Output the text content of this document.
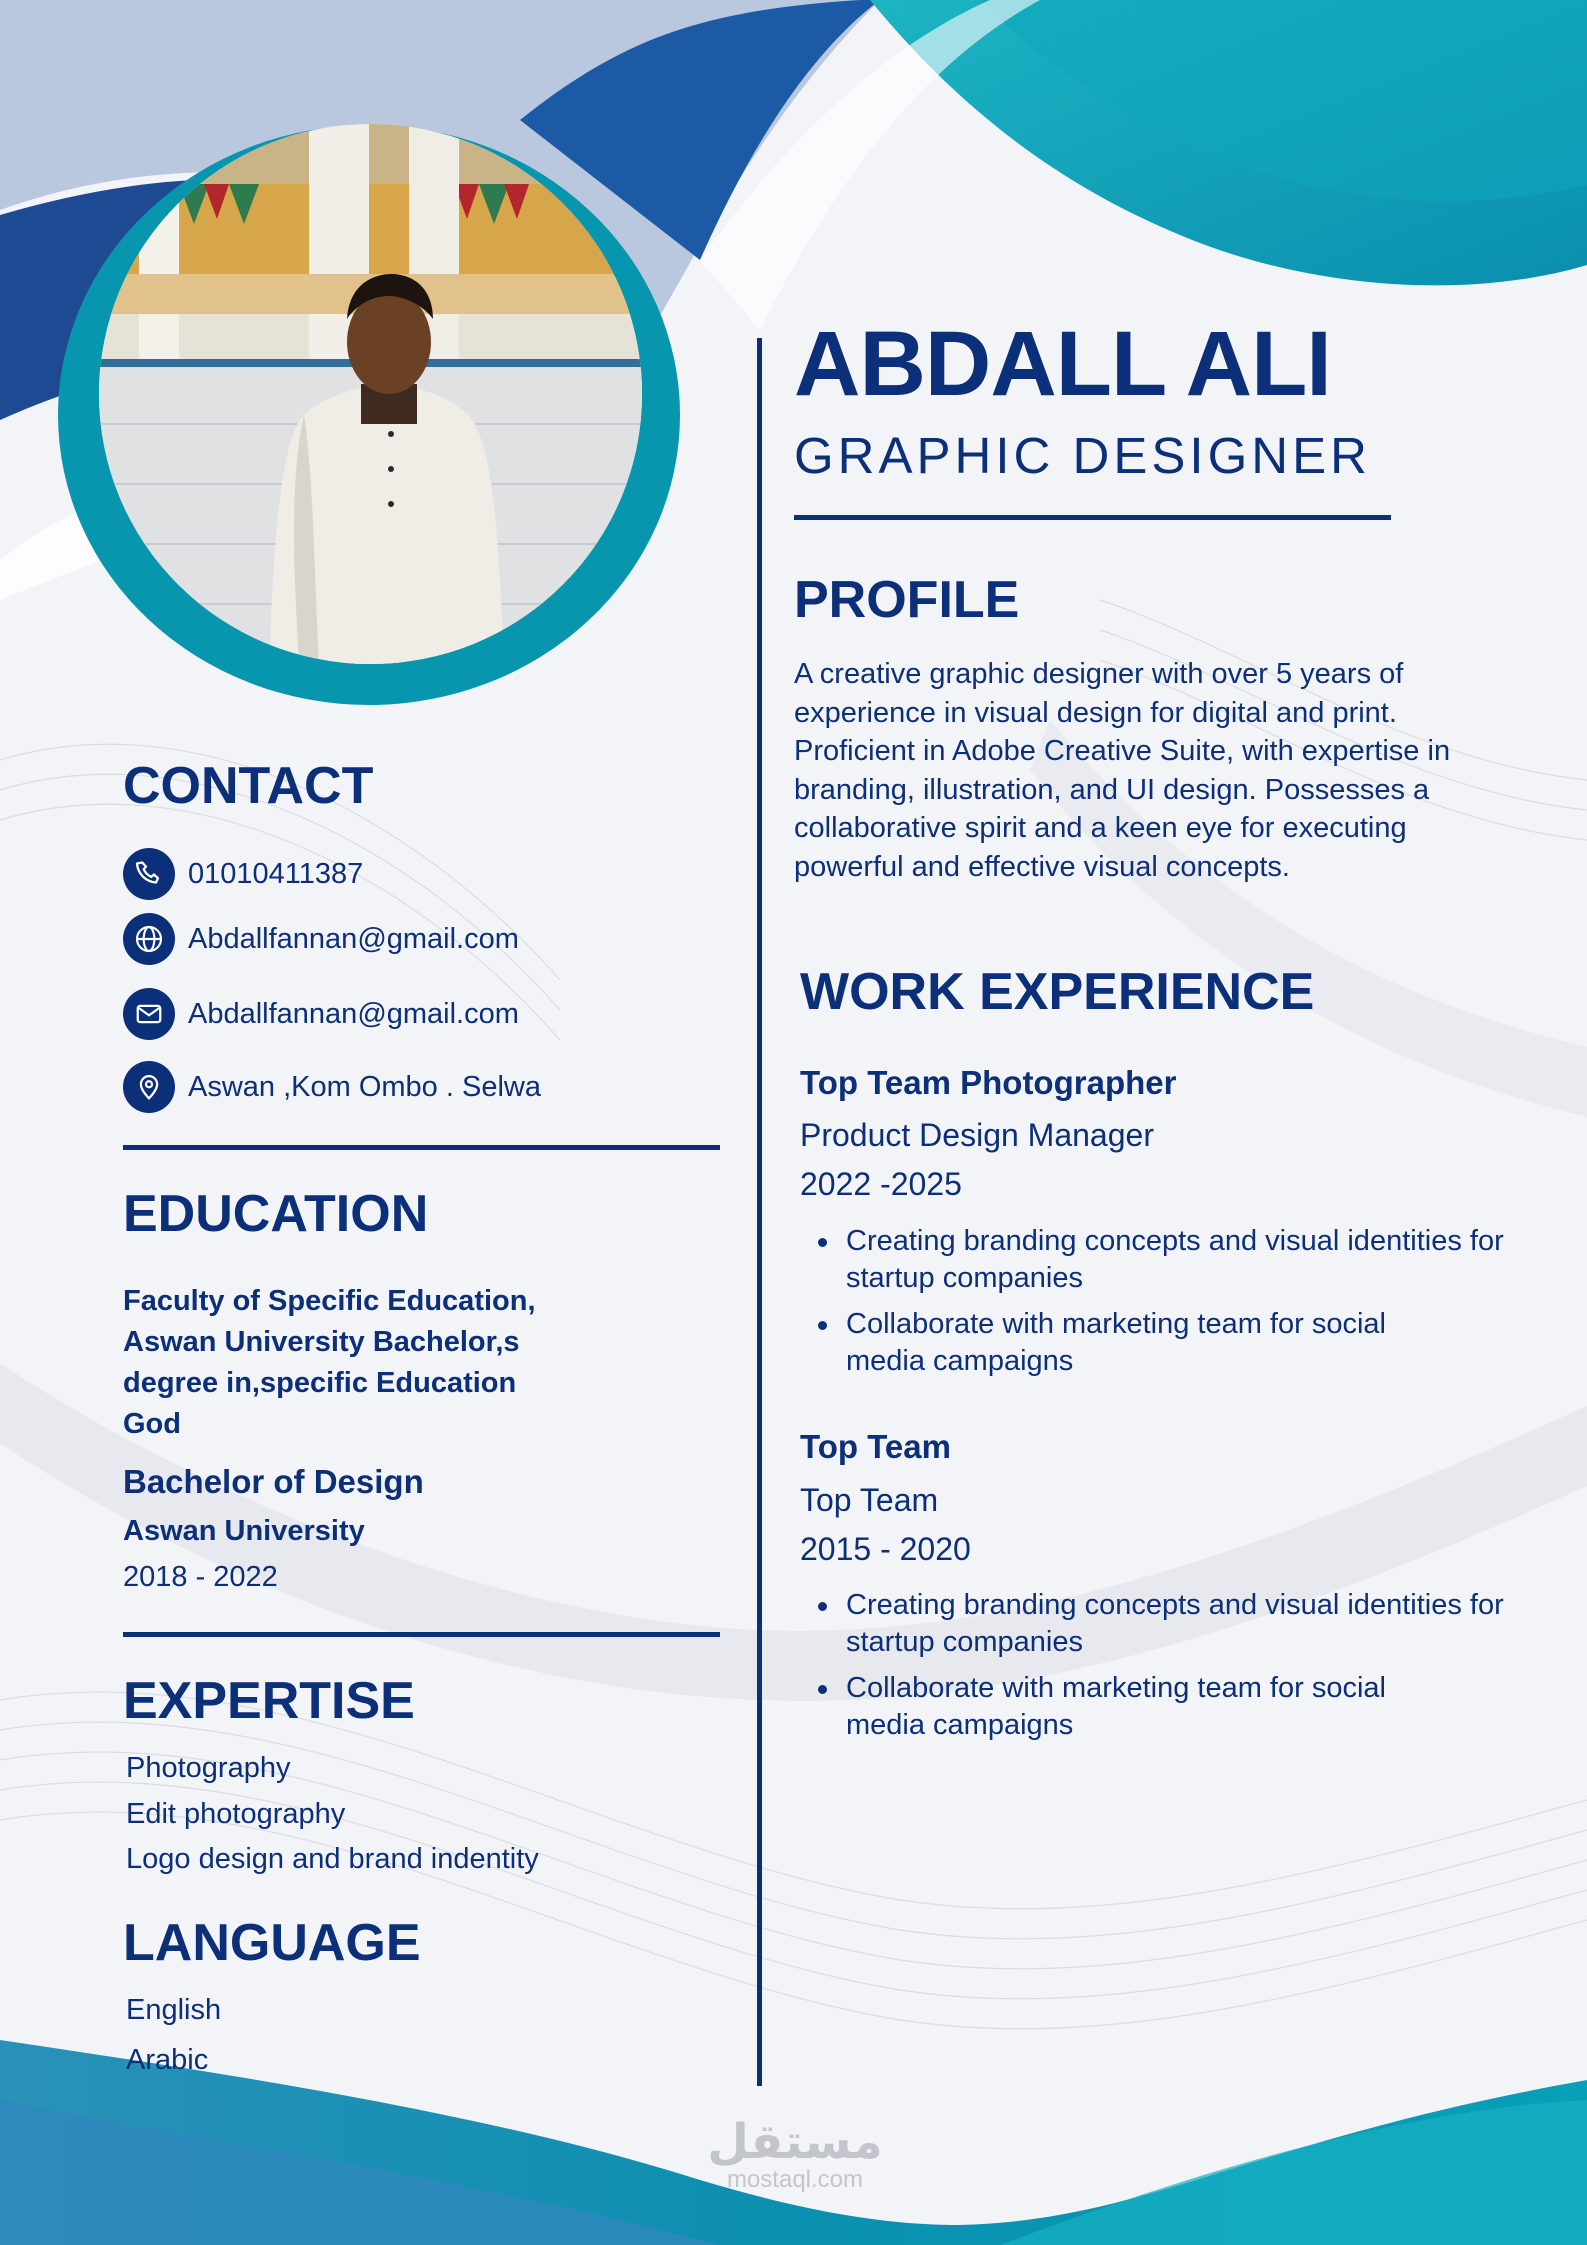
ABDALL ALI
GRAPHIC DESIGNER
PROFILE
A creative graphic designer with over 5 years of experience in visual design for digital and print. Proficient in Adobe Creative Suite, with expertise in branding, illustration, and UI design. Possesses a collaborative spirit and a keen eye for executing powerful and effective visual concepts.
WORK EXPERIENCE
Top Team Photographer
Product Design Manager
2022 -2025
Creating branding concepts and visual identities for startup companies
Collaborate with marketing team for social media campaigns
Top Team
Top Team
2015 - 2020
Creating branding concepts and visual identities for startup companies
Collaborate with marketing team for social media campaigns
CONTACT
01010411387
Abdallfannan@gmail.com
Abdallfannan@gmail.com
Aswan ,Kom Ombo . Selwa
EDUCATION
Faculty of Specific Education, Aswan University Bachelor,s degree in,specific Education God
Bachelor of Design
Aswan University
2018 - 2022
EXPERTISE
Photography
Edit photography
Logo design and brand indentity
LANGUAGE
English
Arabic
مستقل
mostaql.com
